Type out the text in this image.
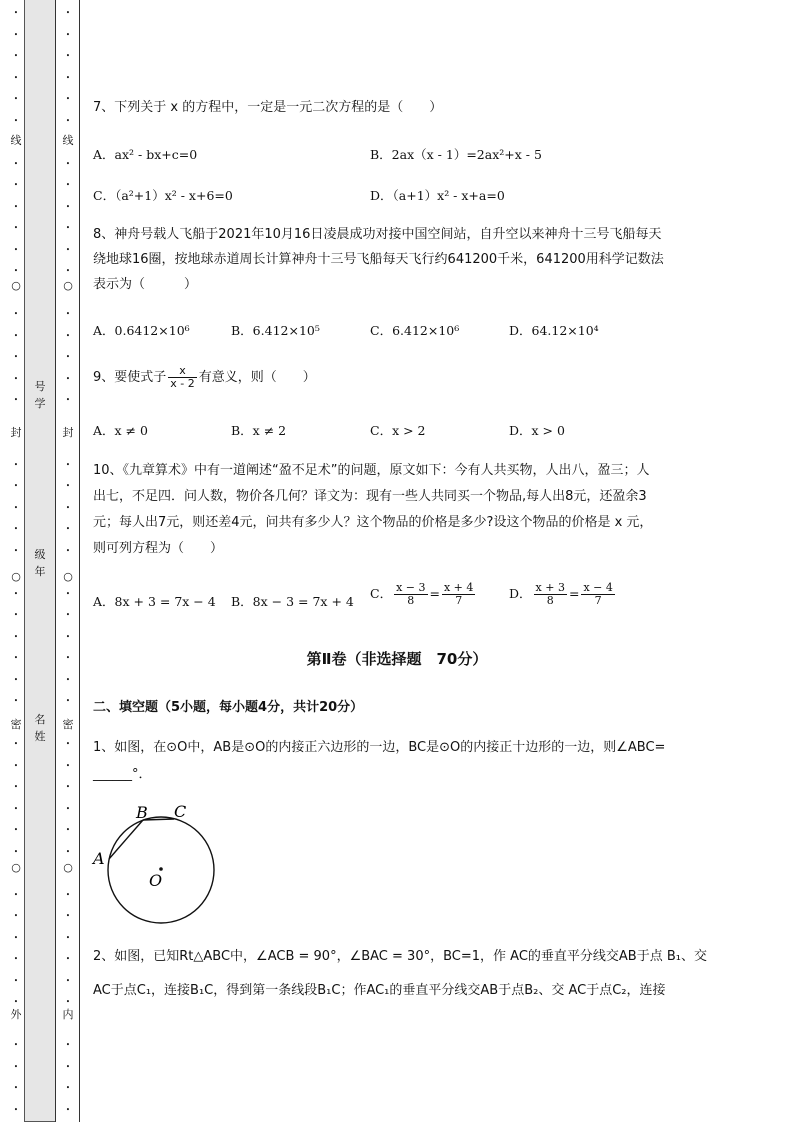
•
•
•
•
•
•
•
•
•
•
•
•
•
•
•
•
•
•
•
•
•
•
•
•
•
•
•
•
•
•
•
•
•
•
•
•
•
•
•
•
•
•
•
•
•
•
•
•
•
•
•
•
•
•
•
•
•
•
•
•
•
•
•
•
•
•
•
•
•
•
•
•
•
•
•
•
•
•
•
•
•
•
•
•
•
•
•
•
线
○
封
○
密
○
外
线
○
封
○
密
○
内
号学
级年
名姓
7、下列关于 x 的方程中，一定是一元二次方程的是（　　）
A．ax² - bx+c=0	B．2ax（x - 1）=2ax²+x - 5
C．（a²+1）x² - x+6=0	D．（a+1）x² - x+a=0
8、神舟号载人飞船于2021年10月16日凌晨成功对接中国空间站，自升空以来神舟十三号飞船每天
绕地球16圈，按地球赤道周长计算神舟十三号飞船每天飞行约641200千米，641200用科学记数法
表示为（　　　）
A．0.6412×10⁶	B．6.412×10⁵	C．6.412×10⁶	D．64.12×10⁴
9、要使式子 $\frac{x}{x - 2}$ 有意义，则（　　）
A．x ≠ 0	B．x ≠ 2	C．x > 2	D．x > 0
10、《九章算术》中有一道阐述“盈不足术”的问题，原文如下：今有人共买物，人出八，盈三；人
出七，不足四．问人数，物价各几何？译文为：现有一些人共同买一个物品,每人出8元，还盈余3
元；每人出7元，则还差4元，问共有多少人？这个物品的价格是多少?设这个物品的价格是 x 元，
则可列方程为（　　）
A．8x + 3 = 7x − 4 B．8x − 3 = 7x + 4
C． $\frac{x - 3}{8} = \frac{x + 4}{7}$	D． $\frac{x + 3}{8} = \frac{x - 4}{7}$
第Ⅱ卷（非选择题　70分）
二、填空题（5小题，每小题4分，共计20分）
1、如图，在⊙O中，AB是⊙O的内接正六边形的一边，BC是⊙O的内接正十边形的一边，则∠ABC=
______°．
A
B C
O
2、如图，已知Rt△ABC中，∠ACB = 90°，∠BAC = 30°，BC=1，作 AC的垂直平分线交AB于点 B₁、交
AC于点C₁，连接B₁C，得到第一条线段B₁C；作AC₁的垂直平分线交AB于点B₂、交 AC于点C₂，连接
